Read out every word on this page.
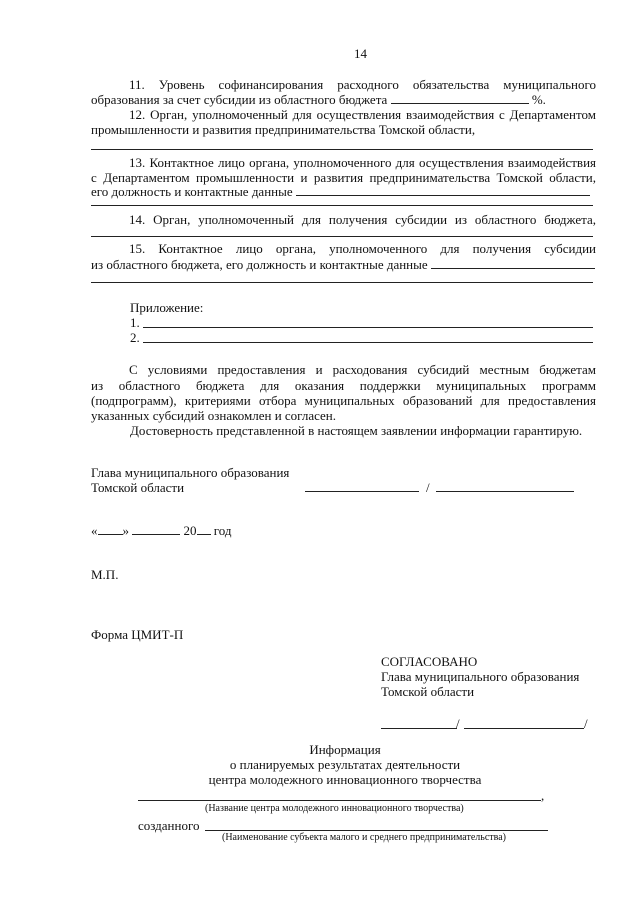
14
11. Уровень софинансирования расходного обязательства муниципального
образования за счет субсидии из областного бюджета	%.
12. Орган, уполномоченный для осуществления взаимодействия с Департаментом
промышленности и развития предпринимательства Томской области,
13. Контактное лицо органа, уполномоченного для осуществления взаимодействия
с Департаментом промышленности и развития предпринимательства Томской области,
его должность и контактные данные
14. Орган, уполномоченный для получения субсидии из областного бюджета,
15. Контактное лицо органа, уполномоченного для получения субсидии
из областного бюджета, его должность и контактные данные
Приложение:
1.
2.
С условиями предоставления и расходования субсидий местным бюджетам
из областного бюджета для оказания поддержки муниципальных программ
(подпрограмм), критериями отбора муниципальных образований для предоставления
указанных субсидий ознакомлен и согласен.
Достоверность представленной в настоящем заявлении информации гарантирую.
Глава муниципального образования
Томской области	/
« »	20 год
М.П.
Форма ЦМИТ-П
СОГЛАСОВАНО
Глава муниципального образования
Томской области
/	/
Информация
о планируемых результатах деятельности
центра молодежного инновационного творчества
,
(Название центра молодежного инновационного творчества)
созданного
(Наименование субъекта малого и среднего предпринимательства)
